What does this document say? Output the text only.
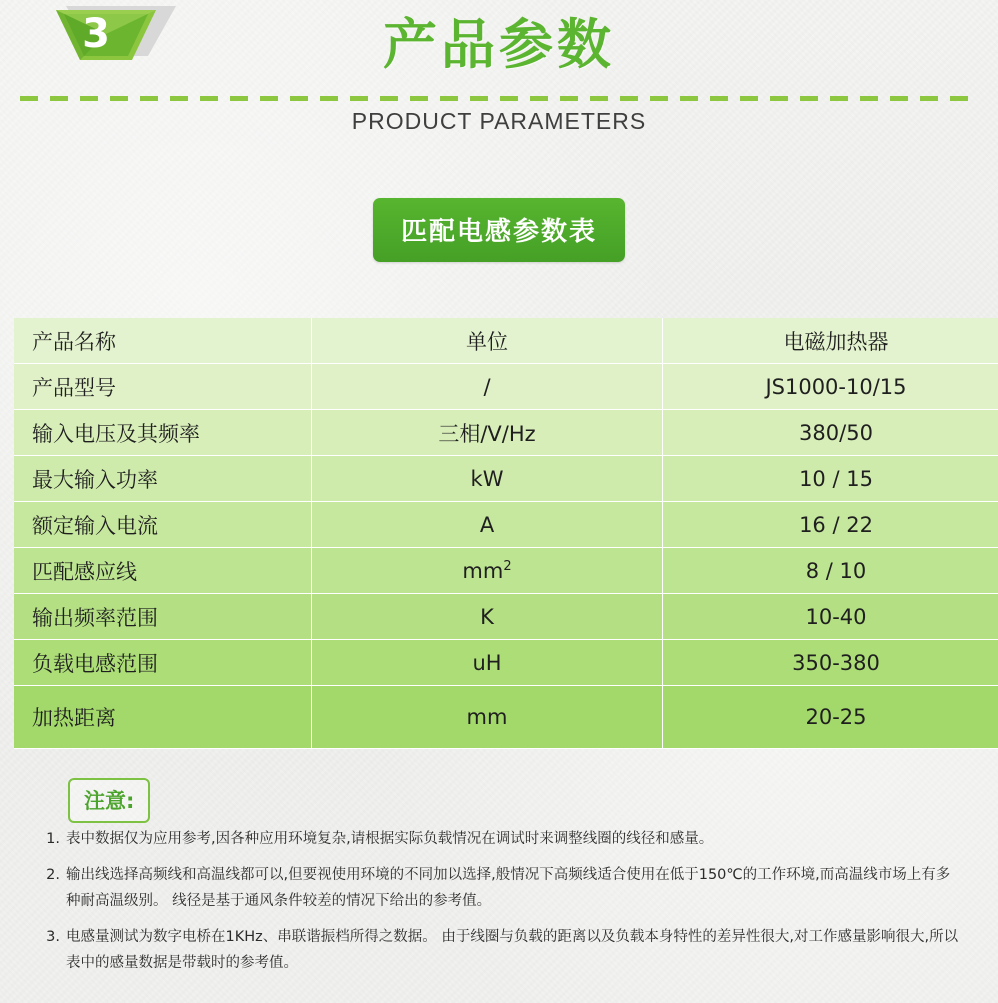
3	产品参数
PRODUCT PARAMETERS
匹配电感参数表
产品名称	单位	电磁加热器
产品型号	/	JS1000-10/15
输入电压及其频率	三相/V/Hz	380/50
最大输入功率	kW	10 / 15
额定输入电流	A	16 / 22
匹配感应线	$mm^2$	8 / 10
输出频率范围	K	10-40
负载电感范围	uH	350-380
加热距离	mm	20-25
注意:
1. 表中数据仅为应用参考,因各种应用环境复杂,请根据实际负载情况在调试时来调整线圈的线径和感量。
2. 输出线选择高频线和高温线都可以,但要视使用环境的不同加以选择,般情况下高频线适合使用在低于150℃的工作环境,而高温线市场上有多种耐高温级别。 线径是基于通风条件较差的情况下给出的参考值。
3. 电感量测试为数字电桥在1KHz、串联谐振档所得之数据。 由于线圈与负载的距离以及负载本身特性的差异性很大,对工作感量影响很大,所以表中的感量数据是带载时的参考值。
